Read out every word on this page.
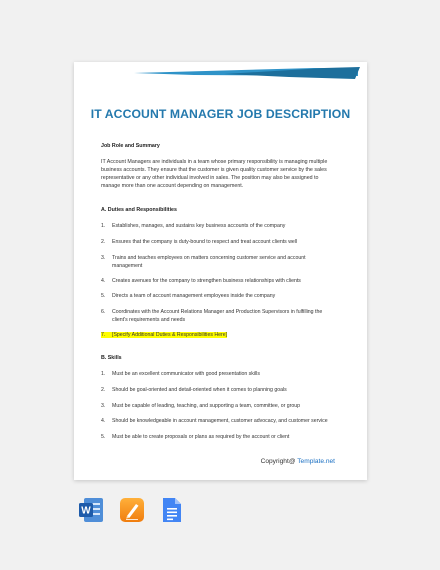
IT ACCOUNT MANAGER JOB DESCRIPTION
Job Role and Summary
IT Account Managers are individuals in a team whose primary responsibility is managing multiple
business accounts. They ensure that the customer is given quality customer service by the sales
representative or any other individual involved in sales. The position may also be assigned to
manage more than one account depending on management.
A. Duties and Responsibilities
1. Establishes, manages, and sustains key business accounts of the company
2. Ensures that the company is duty-bound to respect and treat account clients well
3. Trains and teaches employees on matters concerning customer service and account
management
4. Creates avenues for the company to strengthen business relationships with clients
5. Directs a team of account management employees inside the company
6. Coordinates with the Account Relations Manager and Production Supervisors in fulfilling the
client's requirements and needs
7. [Specify Additional Duties & Responsibilities Here]
B. Skills
1. Must be an excellent communicator with good presentation skills
2. Should be goal-oriented and detail-oriented when it comes to planning goals
3. Must be capable of leading, teaching, and supporting a team, committee, or group
4. Should be knowledgeable in account management, customer advocacy, and customer service
5. Must be able to create proposals or plans as required by the account or client
Copyright@ Template.net
W
